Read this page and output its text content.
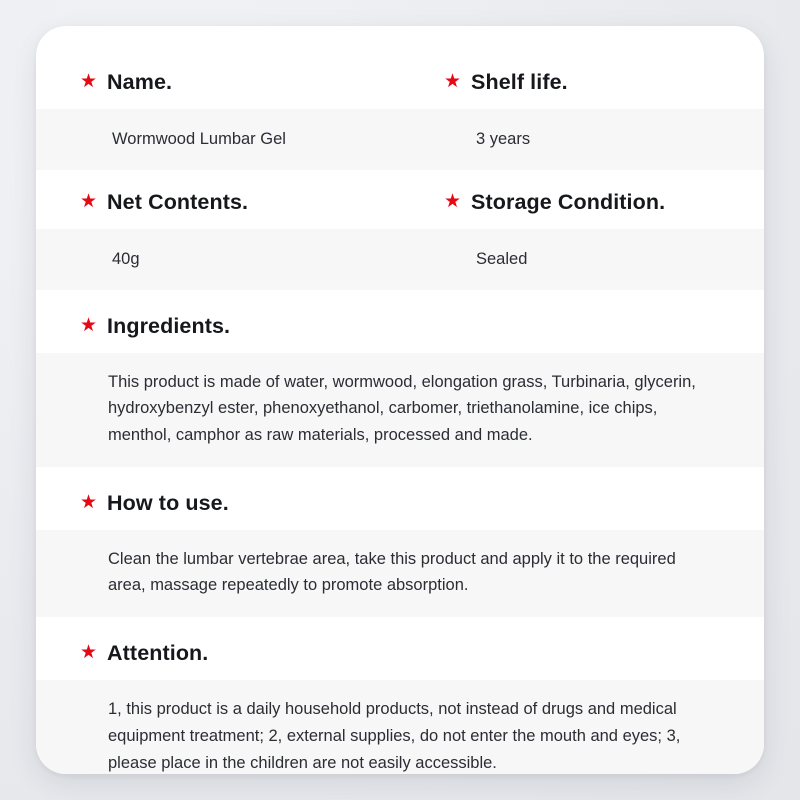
★ Name.	★ Shelf life.
Wormwood Lumbar Gel	3 years
★ Net Contents.	★ Storage Condition.
40g	Sealed
★ Ingredients.
This product is made of water, wormwood, elongation grass, Turbinaria, glycerin, hydroxybenzyl ester, phenoxyethanol, carbomer, triethanolamine, ice chips, menthol, camphor as raw materials, processed and made.
★ How to use.
Clean the lumbar vertebrae area, take this product and apply it to the required area, massage repeatedly to promote absorption.
★ Attention.
1, this product is a daily household products, not instead of drugs and medical equipment treatment; 2, external supplies, do not enter the mouth and eyes; 3, please place in the children are not easily accessible.
